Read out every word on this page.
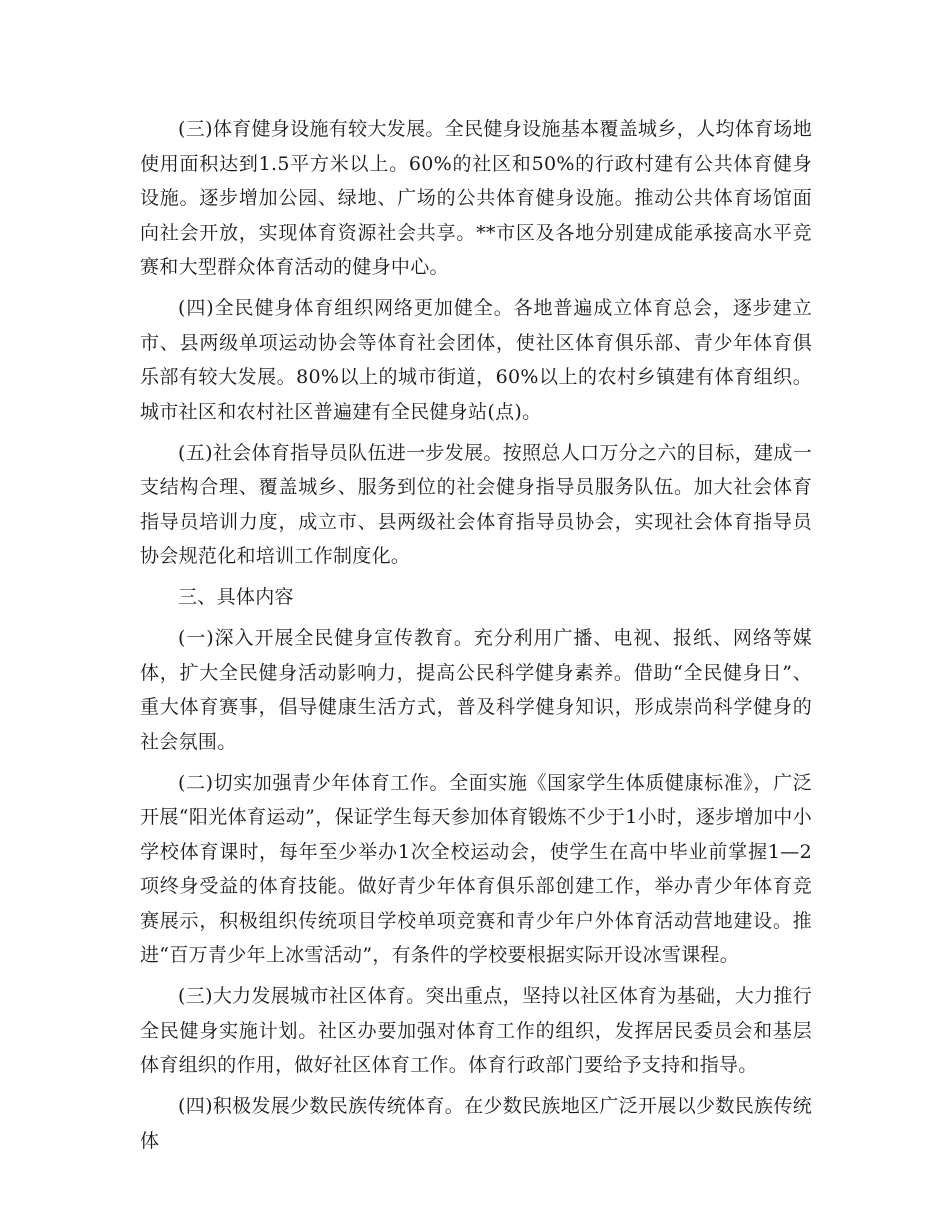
(三)体育健身设施有较大发展。全民健身设施基本覆盖城乡，人均体育场地使用面积达到1.5平方米以上。60%的社区和50%的行政村建有公共体育健身设施。逐步增加公园、绿地、广场的公共体育健身设施。推动公共体育场馆面向社会开放，实现体育资源社会共享。**市区及各地分别建成能承接高水平竞赛和大型群众体育活动的健身中心。

(四)全民健身体育组织网络更加健全。各地普遍成立体育总会，逐步建立市、县两级单项运动协会等体育社会团体，使社区体育俱乐部、青少年体育俱乐部有较大发展。80%以上的城市街道，60%以上的农村乡镇建有体育组织。城市社区和农村社区普遍建有全民健身站(点)。

(五)社会体育指导员队伍进一步发展。按照总人口万分之六的目标，建成一支结构合理、覆盖城乡、服务到位的社会健身指导员服务队伍。加大社会体育指导员培训力度，成立市、县两级社会体育指导员协会，实现社会体育指导员协会规范化和培训工作制度化。

三、具体内容

(一)深入开展全民健身宣传教育。充分利用广播、电视、报纸、网络等媒体，扩大全民健身活动影响力，提高公民科学健身素养。借助“全民健身日”、重大体育赛事，倡导健康生活方式，普及科学健身知识，形成崇尚科学健身的社会氛围。

(二)切实加强青少年体育工作。全面实施《国家学生体质健康标准》，广泛开展“阳光体育运动”，保证学生每天参加体育锻炼不少于1小时，逐步增加中小学校体育课时，每年至少举办1次全校运动会，使学生在高中毕业前掌握1—2项终身受益的体育技能。做好青少年体育俱乐部创建工作，举办青少年体育竞赛展示，积极组织传统项目学校单项竞赛和青少年户外体育活动营地建设。推进“百万青少年上冰雪活动”，有条件的学校要根据实际开设冰雪课程。

(三)大力发展城市社区体育。突出重点，坚持以社区体育为基础，大力推行全民健身实施计划。社区办要加强对体育工作的组织，发挥居民委员会和基层体育组织的作用，做好社区体育工作。体育行政部门要给予支持和指导。

(四)积极发展少数民族传统体育。在少数民族地区广泛开展以少数民族传统体
